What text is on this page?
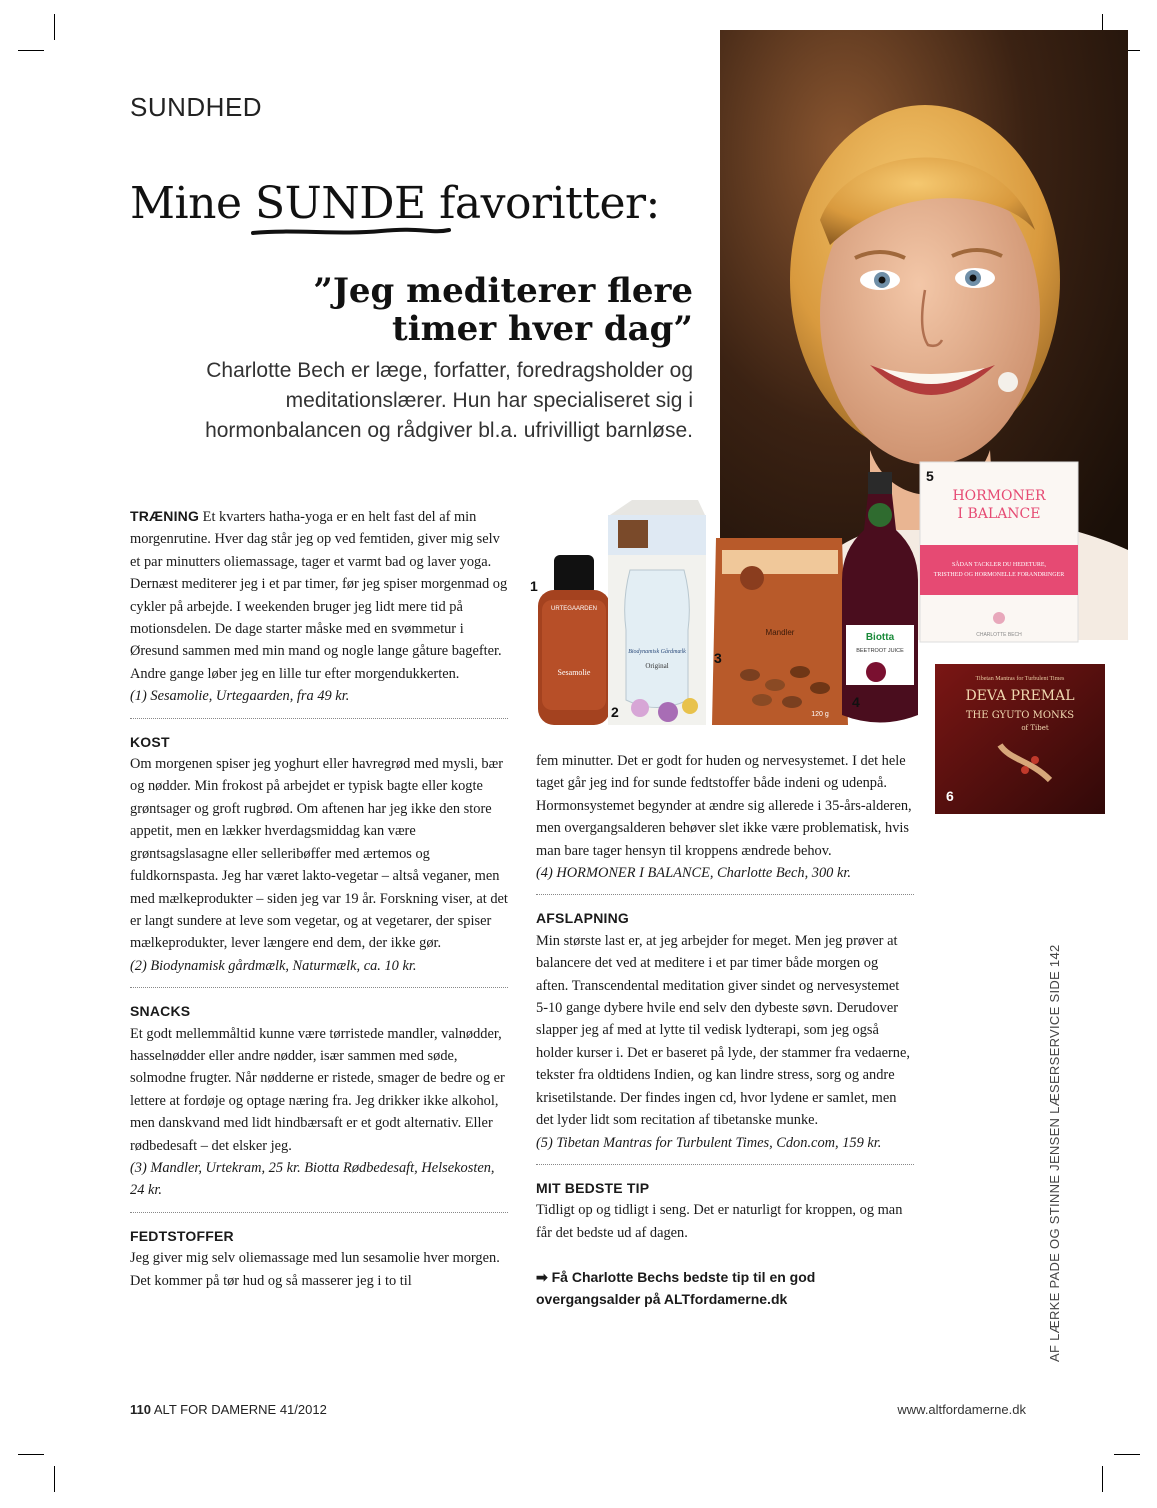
SUNDHED
Mine SUNDE
favoritter:
”Jeg mediterer flere
timer hver dag”
Charlotte Bech er læge, forfatter, foredragsholder og meditationslærer. Hun har specialiseret sig i hormonbalancen og rådgiver bl.a. ufrivilligt barnløse.
URTEGAARDEN
Sesamolie
Biodynamisk Gårdmælk
Original
Mandler
120 g
Biotta
BEETROOT JUICE
HORMONER
I BALANCE
SÅDAN TACKLER DU HEDETURE,
TRISTHED OG HORMONELLE FORANDRINGER
CHARLOTTE BECH
Tibetan Mantras for Turbulent Times
DEVA PREMAL
THE GYUTO MONKS
of Tibet
1
2
3
4
5
6

TRÆNING Et kvarters hatha-yoga er en helt fast del af min morgenrutine. Hver dag står jeg op ved femtiden, giver mig selv et par minutters oliemassage, tager et varmt bad og laver yoga. Dernæst mediterer jeg i et par timer, før jeg spiser morgenmad og cykler på arbejde. I weekenden bruger jeg lidt mere tid på motionsdelen. De dage starter måske med en svømmetur i Øresund sammen med min mand og nogle lange gåture bagefter. Andre gange løber jeg en lille tur efter morgendukkerten.

(1) Sesamolie, Urtegaarden, fra 49 kr.

KOST

Om morgenen spiser jeg yoghurt eller havregrød med mysli, bær og nødder. Min frokost på arbejdet er typisk bagte eller kogte grøntsager og groft rugbrød. Om aftenen har jeg ikke den store appetit, men en lækker hverdagsmiddag kan være grøntsagslasagne eller selleribøffer med ærtemos og fuldkornspasta. Jeg har været lakto-vegetar – altså veganer, men med mælkeprodukter – siden jeg var 19 år. Forskning viser, at det er langt sundere at leve som vegetar, og at vegetarer, der spiser mælkeprodukter, lever længere end dem, der ikke gør.

(2) Biodynamisk gårdmælk, Naturmælk, ca. 10 kr.

SNACKS

Et godt mellemmåltid kunne være tørristede mandler, valnødder, hasselnødder eller andre nødder, især sammen med søde, solmodne frugter. Når nødderne er ristede, smager de bedre og er lettere at fordøje og optage næring fra. Jeg drikker ikke alkohol, men danskvand med lidt hindbærsaft er et godt alternativ. Eller rødbedesaft – det elsker jeg.

(3) Mandler, Urtekram, 25 kr. Biotta Rødbedesaft, Helsekosten, 24 kr.

FEDTSTOFFER

Jeg giver mig selv oliemassage med lun sesamolie hver morgen. Det kommer på tør hud og så masserer jeg i to til

fem minutter. Det er godt for huden og nervesystemet. I det hele taget går jeg ind for sunde fedtstoffer både indeni og udenpå. Hormonsystemet begynder at ændre sig allerede i 35-års-alderen, men overgangsalderen behøver slet ikke være problematisk, hvis man bare tager hensyn til kroppens ændrede behov.

(4) HORMONER I BALANCE, Charlotte Bech, 300 kr.

AFSLAPNING

Min største last er, at jeg arbejder for meget. Men jeg prøver at balancere det ved at meditere i et par timer både morgen og aften. Transcendental meditation giver sindet og nervesystemet 5-10 gange dybere hvile end selv den dybeste søvn. Derudover slapper jeg af med at lytte til vedisk lydterapi, som jeg også holder kurser i. Det er baseret på lyde, der stammer fra vedaerne, tekster fra oldtidens Indien, og kan lindre stress, sorg og andre krisetilstande. Der findes ingen cd, hvor lydene er samlet, men det lyder lidt som recitation af tibetanske munke.

(5) Tibetan Mantras for Turbulent Times, Cdon.com, 159 kr.

MIT BEDSTE TIP

Tidligt op og tidligt i seng. Det er naturligt for kroppen, og man får det bedste ud af dagen.

➡ Få Charlotte Bechs bedste tip til en god overgangsalder på ALTfordamerne.dk	AF LÆRKE PADE OG STINNE JENSEN LÆSERSERVICE SIDE 142
110 ALT FOR DAMERNE 41/2012	www.altfordamerne.dk
